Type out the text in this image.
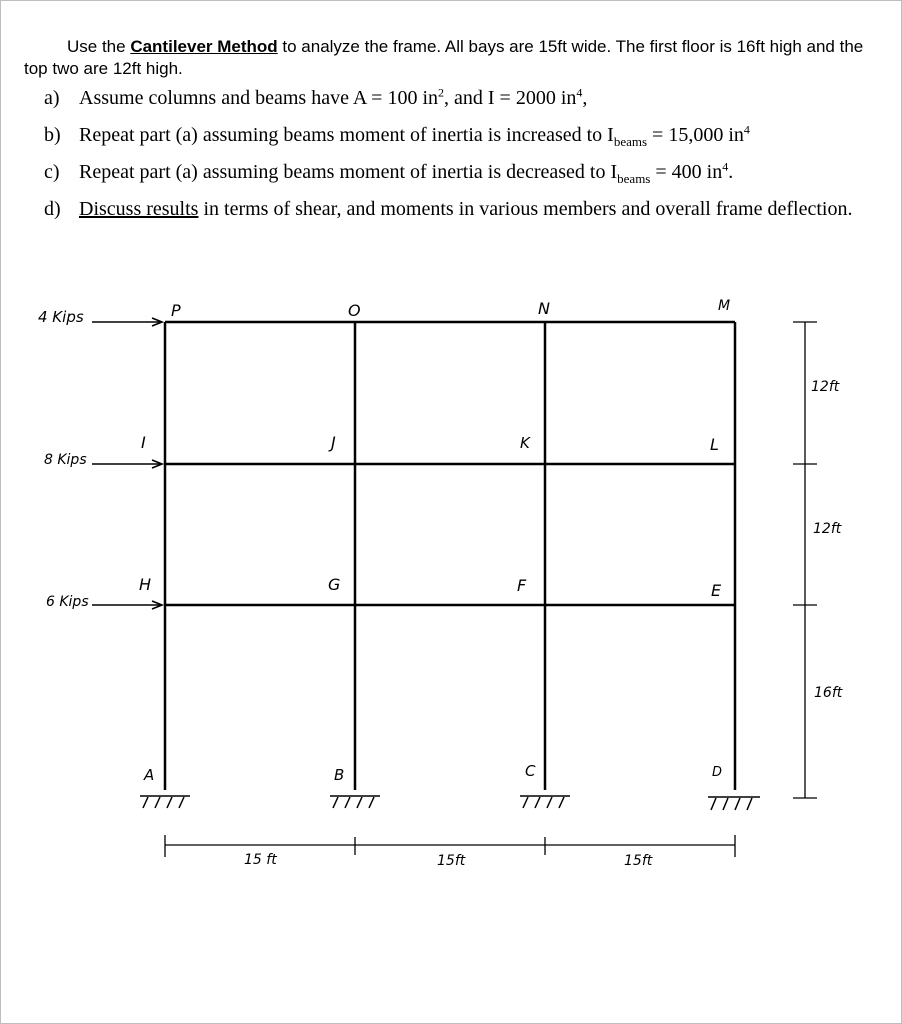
Use the Cantilever Method to analyze the frame. All bays are 15ft wide. The first floor is 16ft high and the top two are 12ft high.
a) Assume columns and beams have A = 100 $in^2$, and I = 2000 $in^4$,
b) Repeat part (a) assuming beams moment of inertia is increased to $I_{beams} = 15,000$ $in^4$
c) Repeat part (a) assuming beams moment of inertia is decreased to $I_{beams} = 400$ $in^4$.
d) Discuss results in terms of shear, and moments in various members and overall frame deflection.
4 Kips
8 Kips
6 Kips
P	O	N	M
I	J	K	L
H	G	F	E
A	B	C	D
12ft
12ft
16ft
15 ft	15ft	15ft
